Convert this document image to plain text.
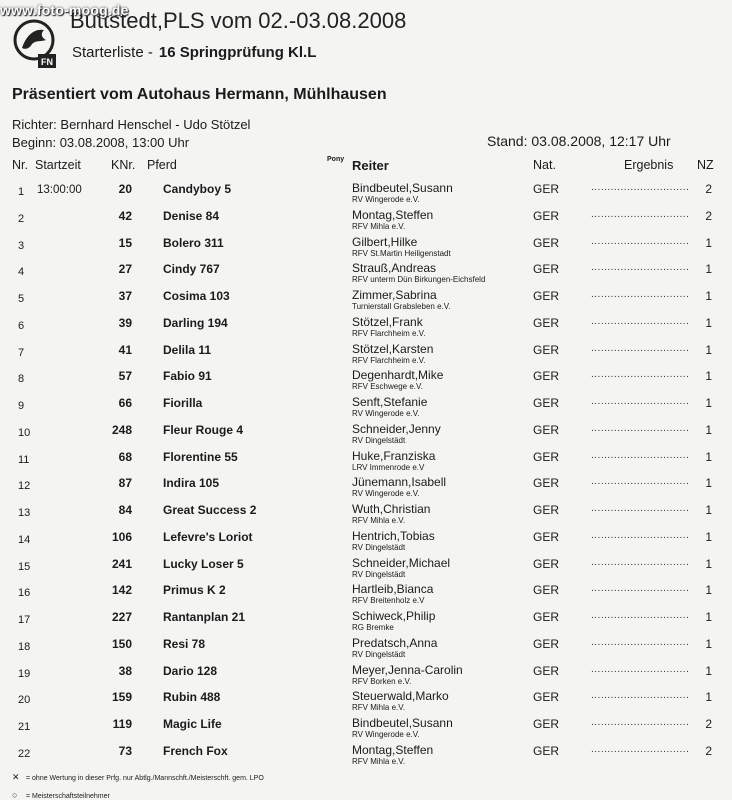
www.foto-moog.de
FN
Buttstedt,PLS vom 02.-03.08.2008
Starterliste - 16 Springprüfung Kl.L
Präsentiert vom Autohaus Hermann, Mühlhausen
Richter: Bernhard Henschel - Udo Stötzel
Beginn: 03.08.2008, 13:00 Uhr	Stand: 03.08.2008, 12:17 Uhr
Nr. Startzeit KNr. Pferd	Pony Reiter	Nat.	Ergebnis NZ
1 13:00:00	20	Candyboy 5	Bindbeutel,Susann
RV Wingerode e.V.
GER	..............................	2
2	42	Denise 84	Montag,Steffen
RFV Mihla e.V.
GER	..............................	2
3	15	Bolero 311	Gilbert,Hilke
RFV St.Martin Heiligenstadt
GER	..............................	1
4	27	Cindy 767	Strauß,Andreas
RFV unterm Dün Birkungen-Eichsfeld
GER	..............................	1
5	37	Cosima 103	Zimmer,Sabrina
Turnierstall Grabsleben e.V.
GER	..............................	1
6	39	Darling 194	Stötzel,Frank
RFV Flarchheim e.V.
GER	..............................	1
7	41	Delila 11	Stötzel,Karsten
RFV Flarchheim e.V.
GER	..............................	1
8	57	Fabio 91	Degenhardt,Mike
RFV Eschwege e.V.
GER	..............................	1
9	66	Fiorilla	Senft,Stefanie
RV Wingerode e.V.
GER	..............................	1
10	248	Fleur Rouge 4	Schneider,Jenny
RV Dingelstädt
GER	..............................	1
11	68	Florentine 55	Huke,Franziska
LRV Immenrode e.V
GER	..............................	1
12	87	Indira 105	Jünemann,Isabell
RV Wingerode e.V.
GER	..............................	1
13	84	Great Success 2	Wuth,Christian
RFV Mihla e.V.
GER	..............................	1
14	106	Lefevre's Loriot	Hentrich,Tobias
RV Dingelstädt
GER	..............................	1
15	241	Lucky Loser 5	Schneider,Michael
RV Dingelstädt
GER	..............................	1
16	142	Primus K 2	Hartleib,Bianca
RFV Breitenholz e.V
GER	..............................	1
17	227	Rantanplan 21	Schiweck,Philip
RG Bremke
GER	..............................	1
18	150	Resi 78	Predatsch,Anna
RV Dingelstädt
GER	..............................	1
19	38	Dario 128	Meyer,Jenna-Carolin
RFV Borken e.V.
GER	..............................	1
20	159	Rubin 488	Steuerwald,Marko
RFV Mihla e.V.
GER	..............................	1
21	119	Magic Life	Bindbeutel,Susann
RV Wingerode e.V.
GER	..............................	2
22	73	French Fox	Montag,Steffen
RFV Mihla e.V.
GER	..............................	2
✕ = ohne Wertung in dieser Prfg. nur Abtlg./Mannschft./Meisterschft. gem. LPO
○ = Meisterschaftsteilnehmer
